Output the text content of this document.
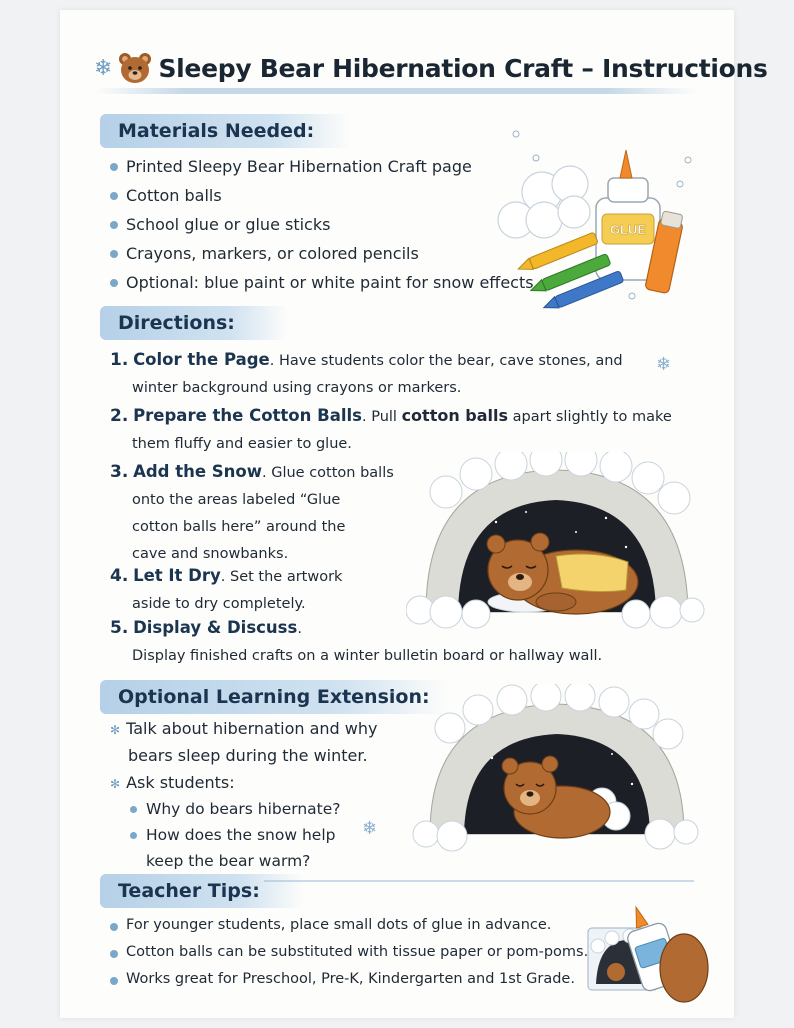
❄ Sleepy Bear Hibernation Craft – Instructions
Materials Needed:
Printed Sleepy Bear Hibernation Craft page
Cotton balls
School glue or glue sticks
Crayons, markers, or colored pencils
Optional: blue paint or white paint for snow effects
GLUE
Directions:
1. Color the Page. Have students color the bear, cave stones, and
winter background using crayons or markers.
❄
2. Prepare the Cotton Balls. Pull cotton balls apart slightly to make
them fluffy and easier to glue.
3. Add the Snow. Glue cotton balls
onto the areas labeled “Glue
cotton balls here” around the
cave and snowbanks.
4. Let It Dry. Set the artwork
aside to dry completely.
5. Display & Discuss.
Display finished crafts on a winter bulletin board or hallway wall.
Optional Learning Extension:
✻ Talk about hibernation and why
bears sleep during the winter.
✻ Ask students:
Why do bears hibernate?
How does the snow help
keep the bear warm?
❄
Teacher Tips:
For younger students, place small dots of glue in advance.
Cotton balls can be substituted with tissue paper or pom-poms.
Works great for Preschool, Pre-K, Kindergarten and 1st Grade.
